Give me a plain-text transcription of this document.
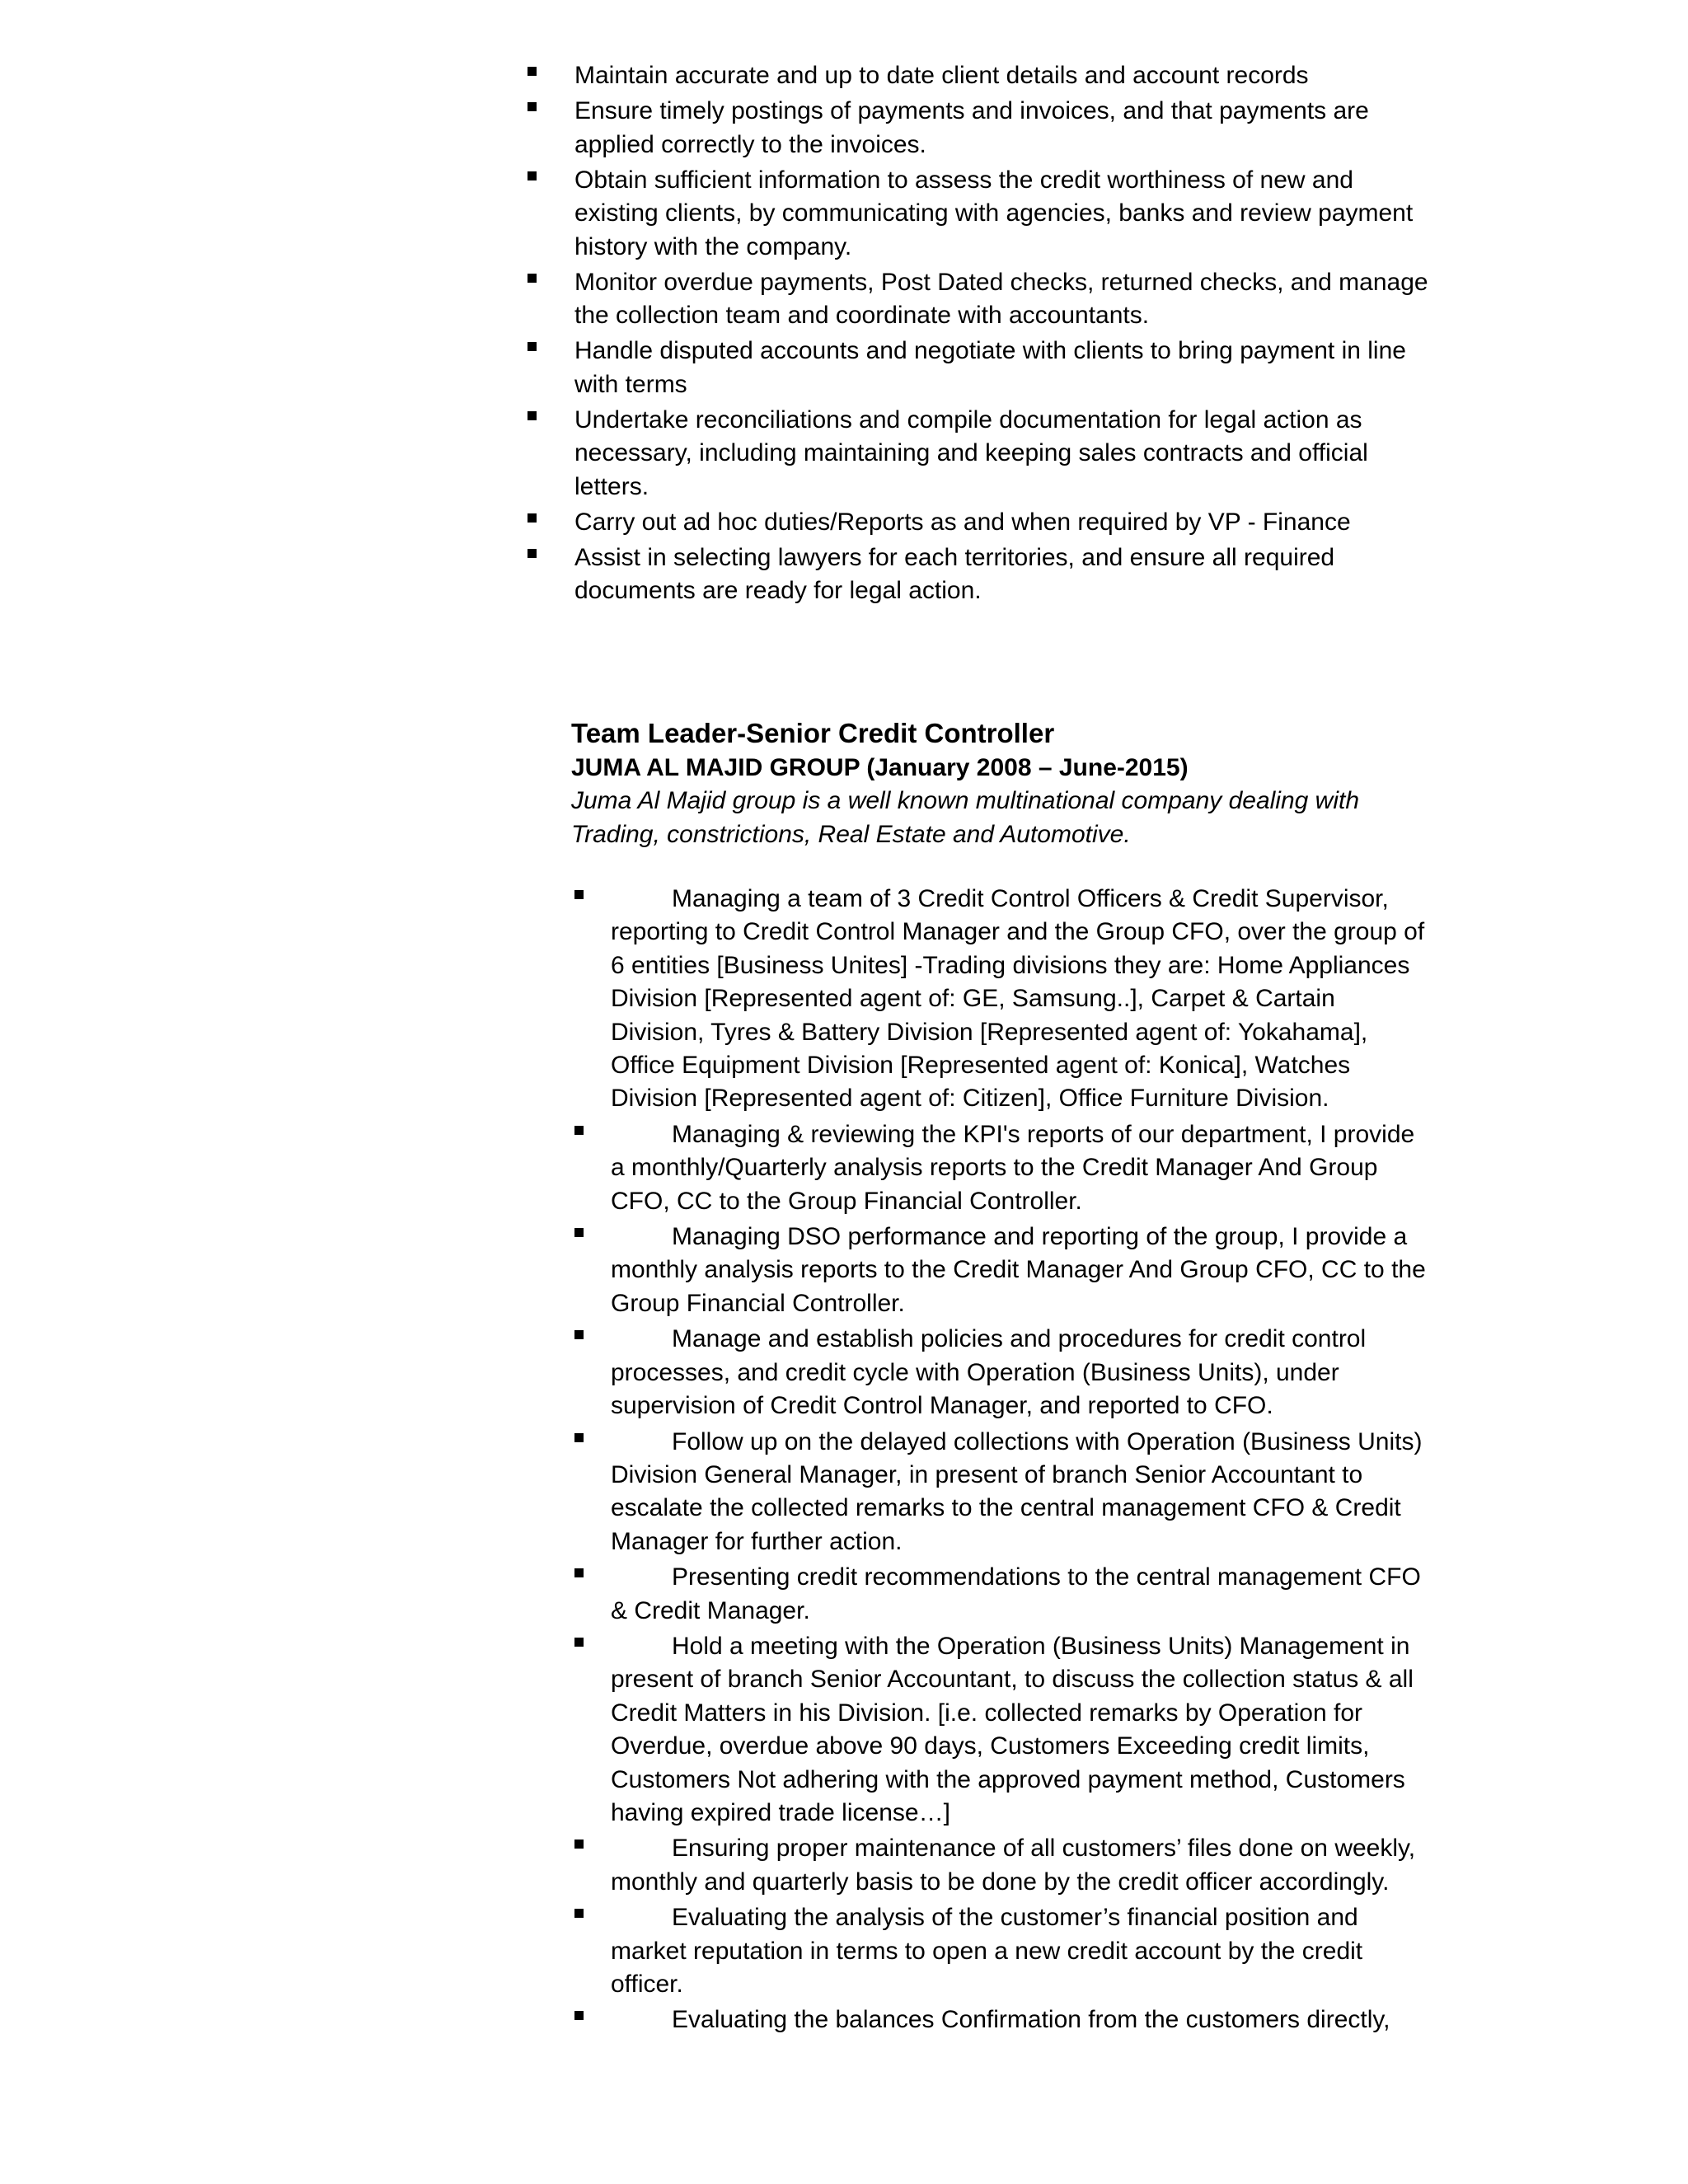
Maintain accurate and up to date client details and account records
Ensure timely postings of payments and invoices, and that payments are applied correctly to the invoices.
Obtain sufficient information to assess the credit worthiness of new and existing clients, by communicating with agencies, banks and review payment history with the company.
Monitor overdue payments, Post Dated checks, returned checks, and manage the collection team and coordinate with accountants.
Handle disputed accounts and negotiate with clients to bring payment in line with terms
Undertake reconciliations and compile documentation for legal action as necessary, including maintaining and keeping sales contracts and official letters.
Carry out ad hoc duties/Reports as and when required by VP - Finance
Assist in selecting lawyers for each territories, and ensure all required documents are ready for legal action.

Team Leader-Senior Credit Controller

JUMA AL MAJID GROUP (January 2008 – June-2015)

Juma Al Majid group is a well known multinational company dealing with Trading, constrictions, Real Estate and Automotive.

Managing a team of 3 Credit Control Officers & Credit Supervisor, reporting to Credit Control Manager and the Group CFO, over the group of 6 entities [Business Unites] -Trading divisions they are: Home Appliances Division [Represented agent of: GE, Samsung..], Carpet & Cartain Division, Tyres & Battery Division [Represented agent of: Yokahama], Office Equipment Division [Represented agent of: Konica], Watches Division [Represented agent of: Citizen], Office Furniture Division.
Managing & reviewing the KPI's reports of our department, I provide a monthly/Quarterly analysis reports to the Credit Manager And Group CFO, CC to the Group Financial Controller.
Managing DSO performance and reporting of the group, I provide a monthly analysis reports to the Credit Manager And Group CFO, CC to the Group Financial Controller.
Manage and establish policies and procedures for credit control processes, and credit cycle with Operation (Business Units), under supervision of Credit Control Manager, and reported to CFO.
Follow up on the delayed collections with Operation (Business Units) Division General Manager, in present of branch Senior Accountant to escalate the collected remarks to the central management CFO & Credit Manager for further action.
Presenting credit recommendations to the central management CFO & Credit Manager.
Hold a meeting with the Operation (Business Units) Management in present of branch Senior Accountant, to discuss the collection status & all Credit Matters in his Division. [i.e. collected remarks by Operation for Overdue, overdue above 90 days, Customers Exceeding credit limits, Customers Not adhering with the approved payment method, Customers having expired trade license…]
Ensuring proper maintenance of all customers’ files done on weekly, monthly and quarterly basis to be done by the credit officer accordingly.
Evaluating the analysis of the customer’s financial position and market reputation in terms to open a new credit account by the credit officer.
Evaluating the balances Confirmation from the customers directly,
